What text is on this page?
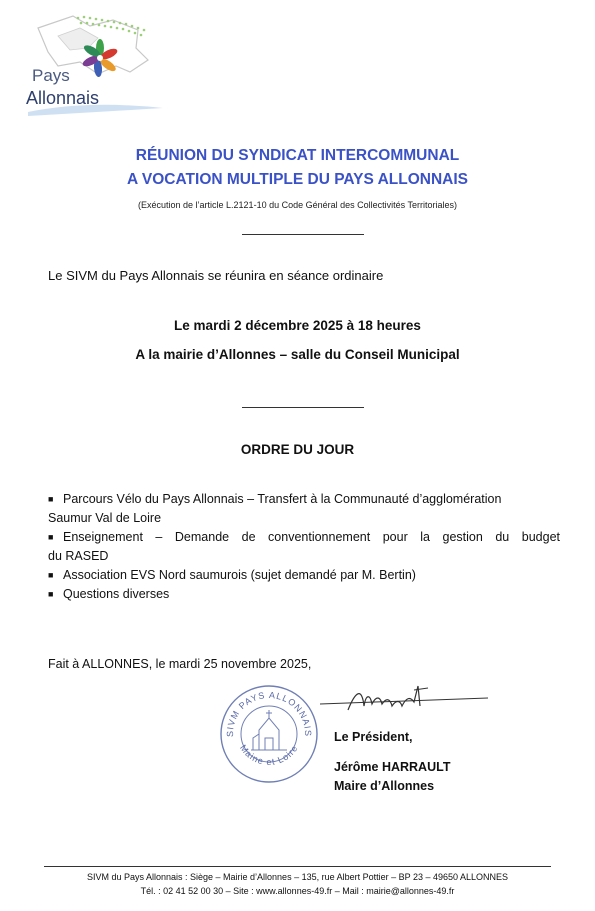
Pays
Allonnais
RÉUNION DU SYNDICAT INTERCOMMUNAL
A VOCATION MULTIPLE DU PAYS ALLONNAIS
(Exécution de l’article L.2121-10 du Code Général des Collectivités Territoriales)
Le SIVM du Pays Allonnais se réunira en séance ordinaire
Le mardi 2 décembre 2025 à 18 heures
A la mairie d’Allonnes – salle du Conseil Municipal
ORDRE DU JOUR
■ Parcours Vélo du Pays Allonnais – Transfert à la Communauté d’agglomération
Saumur Val de Loire
■ Enseignement – Demande de conventionnement pour la gestion du budget
du RASED
■ Association EVS Nord saumurois (sujet demandé par M. Bertin)
■ Questions diverses
Fait à ALLONNES, le mardi 25 novembre 2025,
SIVM PAYS ALLONNAIS
Maine et Loire
Le Président,
Jérôme HARRAULT
Maire d’Allonnes
SIVM du Pays Allonnais : Siège – Mairie d’Allonnes – 135, rue Albert Pottier – BP 23 – 49650 ALLONNES
Tél. : 02 41 52 00 30 – Site : www.allonnes-49.fr – Mail : mairie@allonnes-49.fr
